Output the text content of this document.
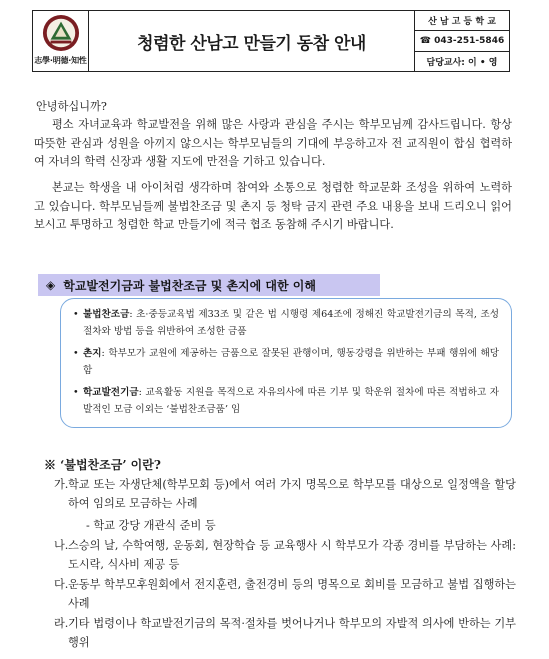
志學·明德·知性
청렴한 산남고 만들기 동참 안내
산 남 고 등 학 교
☎ 043-251-5846
담당교사: 이 • 영

안녕하십니까?

평소 자녀교육과 학교발전을 위해 많은 사랑과 관심을 주시는 학부모님께 감사드립니다. 항상 따뜻한 관심과 성원을 아끼지 않으시는 학부모님들의 기대에 부응하고자 전 교직원이 합심 협력하여 자녀의 학력 신장과 생활 지도에 만전을 기하고 있습니다.

본교는 학생을 내 아이처럼 생각하며 참여와 소통으로 청렴한 학교문화 조성을 위하여 노력하고 있습니다. 학부모님들께 불법찬조금 및 촌지 등 청탁 금지 관련 주요 내용을 보내 드리오니 읽어 보시고 투명하고 청렴한 학교 만들기에 적극 협조 동참해 주시기 바랍니다.

◈ 학교발전기금과 불법찬조금 및 촌지에 대한 이해
• 불법찬조금: 초·중등교육법 제33조 및 같은 법 시행령 제64조에 정해진 학교발전기금의 목적, 조성절차와 방법 등을 위반하여 조성한 금품
• 촌지: 학부모가 교원에 제공하는 금품으로 잘못된 관행이며, 행동강령을 위반하는 부패 행위에 해당함
• 학교발전기금: 교육활동 지원을 목적으로 자유의사에 따른 기부 및 학운위 절차에 따른 적법하고 자발적인 모금 이외는 ‘불법찬조금품’ 임
※ ‘불법찬조금’ 이란?
가. 학교 또는 자생단체(학부모회 등)에서 여러 가지 명목으로 학부모를 대상으로 일정액을 할당하여 임의로 모금하는 사례
- 학교 강당 개관식 준비 등
나. 스승의 날, 수학여행, 운동회, 현장학습 등 교육행사 시 학부모가 각종 경비를 부담하는 사례: 도시락, 식사비 제공 등
다. 운동부 학부모후원회에서 전지훈련, 출전경비 등의 명목으로 회비를 모금하고 불법 집행하는 사례
라. 기타 법령이나 학교발전기금의 목적·절차를 벗어나거나 학부모의 자발적 의사에 반하는 기부행위
